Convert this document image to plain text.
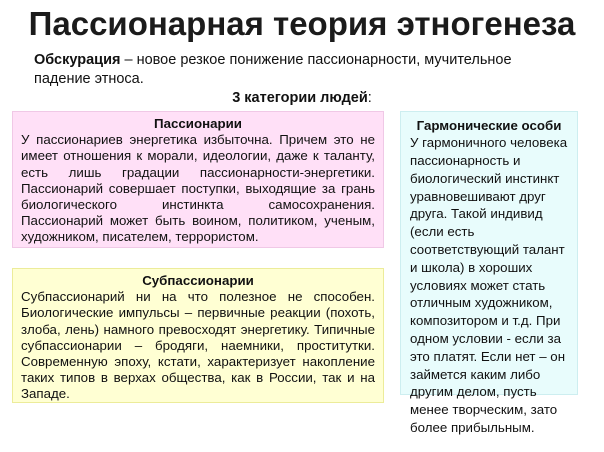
Пассионарная теория этногенеза
Обскурация – новое резкое понижение пассионарности, мучительное падение этноса.
3 категории людей:
Пассионарии
У пассионариев энергетика избыточна. Причем это не имеет отношения к морали, идеологии, даже к таланту, есть лишь градации пассионарности-энергетики. Пассионарий совершает поступки, выходящие за грань биологического инстинкта самосохранения. Пассионарий может быть воином, политиком, ученым, художником, писателем, террористом.
Субпассионарии
Субпассионарий ни на что полезное не способен. Биологические импульсы – первичные реакции (похоть, злоба, лень) намного превосходят энергетику. Типичные субпассионарии – бродяги, наемники, проститутки. Современную эпоху, кстати, характеризует накопление таких типов в верхах общества, как в России, так и на Западе.
Гармонические особи
У гармоничного человека пассионарность и биологический инстинкт уравновешивают друг друга. Такой индивид (если есть соответствующий талант и школа) в хороших условиях может стать отличным художником, композитором и т.д. При одном условии - если за это платят. Если нет – он займется каким либо другим делом, пусть менее творческим, зато более прибыльным.
